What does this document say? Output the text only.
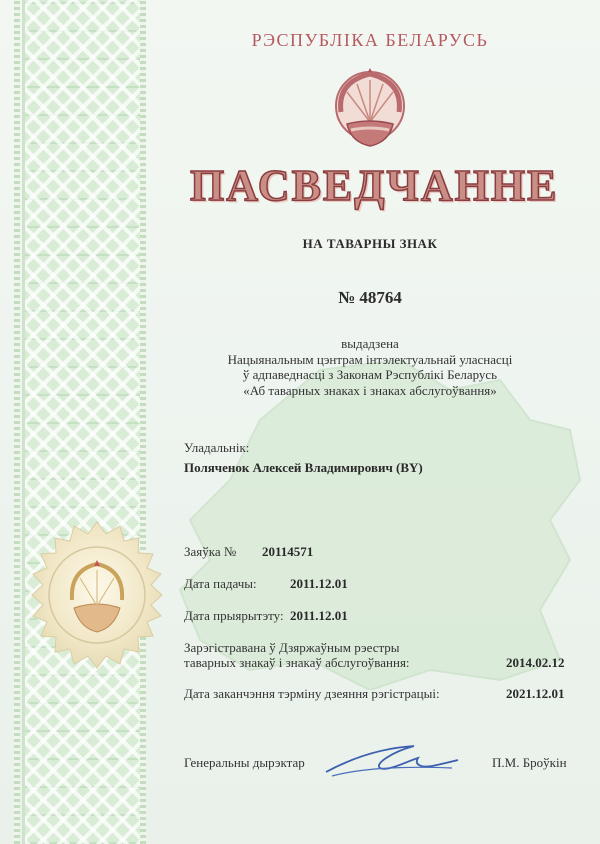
РЭСПУБЛІКА БЕЛАРУСЬ
ПАСВЕДЧАННЕ
НА ТАВАРНЫ ЗНАК
№ 48764
выдадзена
Нацыянальным цэнтрам інтэлектуальнай уласнасці
ў адпаведнасці з Законам Рэспублікі Беларусь
«Аб таварных знаках і знаках абслугоўвання»
Уладальнік:
Поляченок Алексей Владимирович (BY)
Заяўка № 20114571
Дата падачы:	2011.12.01
Дата прыярытэту: 2011.12.01
Зарэгістравана ў Дзяржаўным рэестры
таварных знакаў і знакаў абслугоўвання:	2014.02.12
Дата заканчэння тэрміну дзеяння рэгістрацыі:	2021.12.01
Генеральны дырэктар	П.М. Броўкін
